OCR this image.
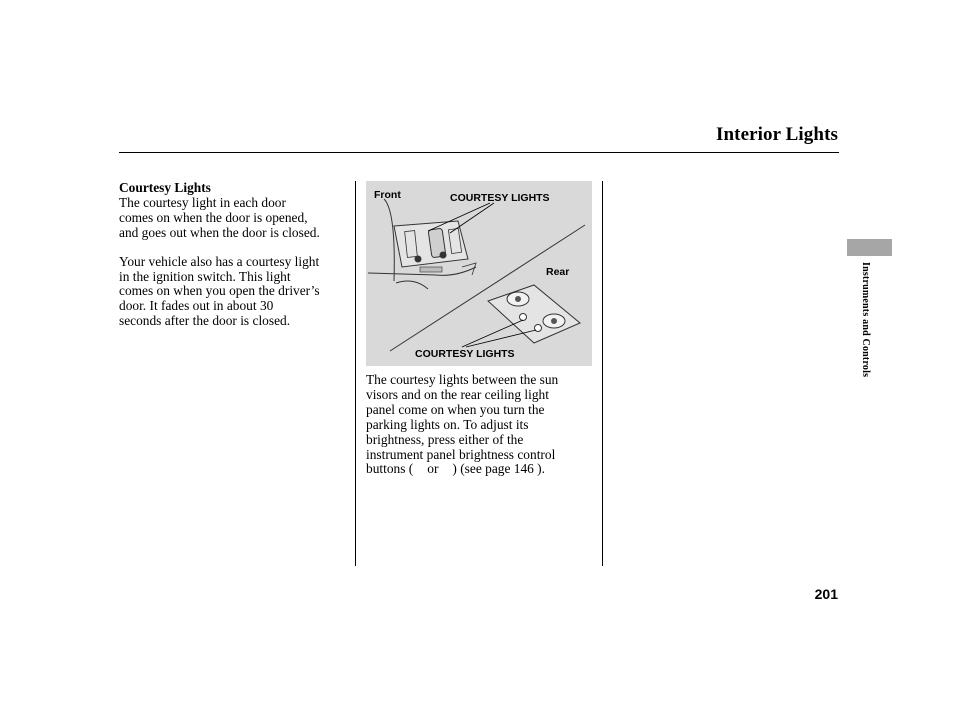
Interior Lights

Courtesy Lights

The courtesy light in each door
comes on when the door is opened,
and goes out when the door is closed.

Your vehicle also has a courtesy light
in the ignition switch. This light
comes on when you open the driver’s
door. It fades out in about 30
seconds after the door is closed.

Front	COURTESY LIGHTS
Rear
COURTESY LIGHTS

The courtesy lights between the sun
visors and on the rear ceiling light
panel come on when you turn the
parking lights on. To adjust its
brightness, press either of the
instrument panel brightness control
buttons ( or ) (see page 146 ).

Instruments and Controls
201
